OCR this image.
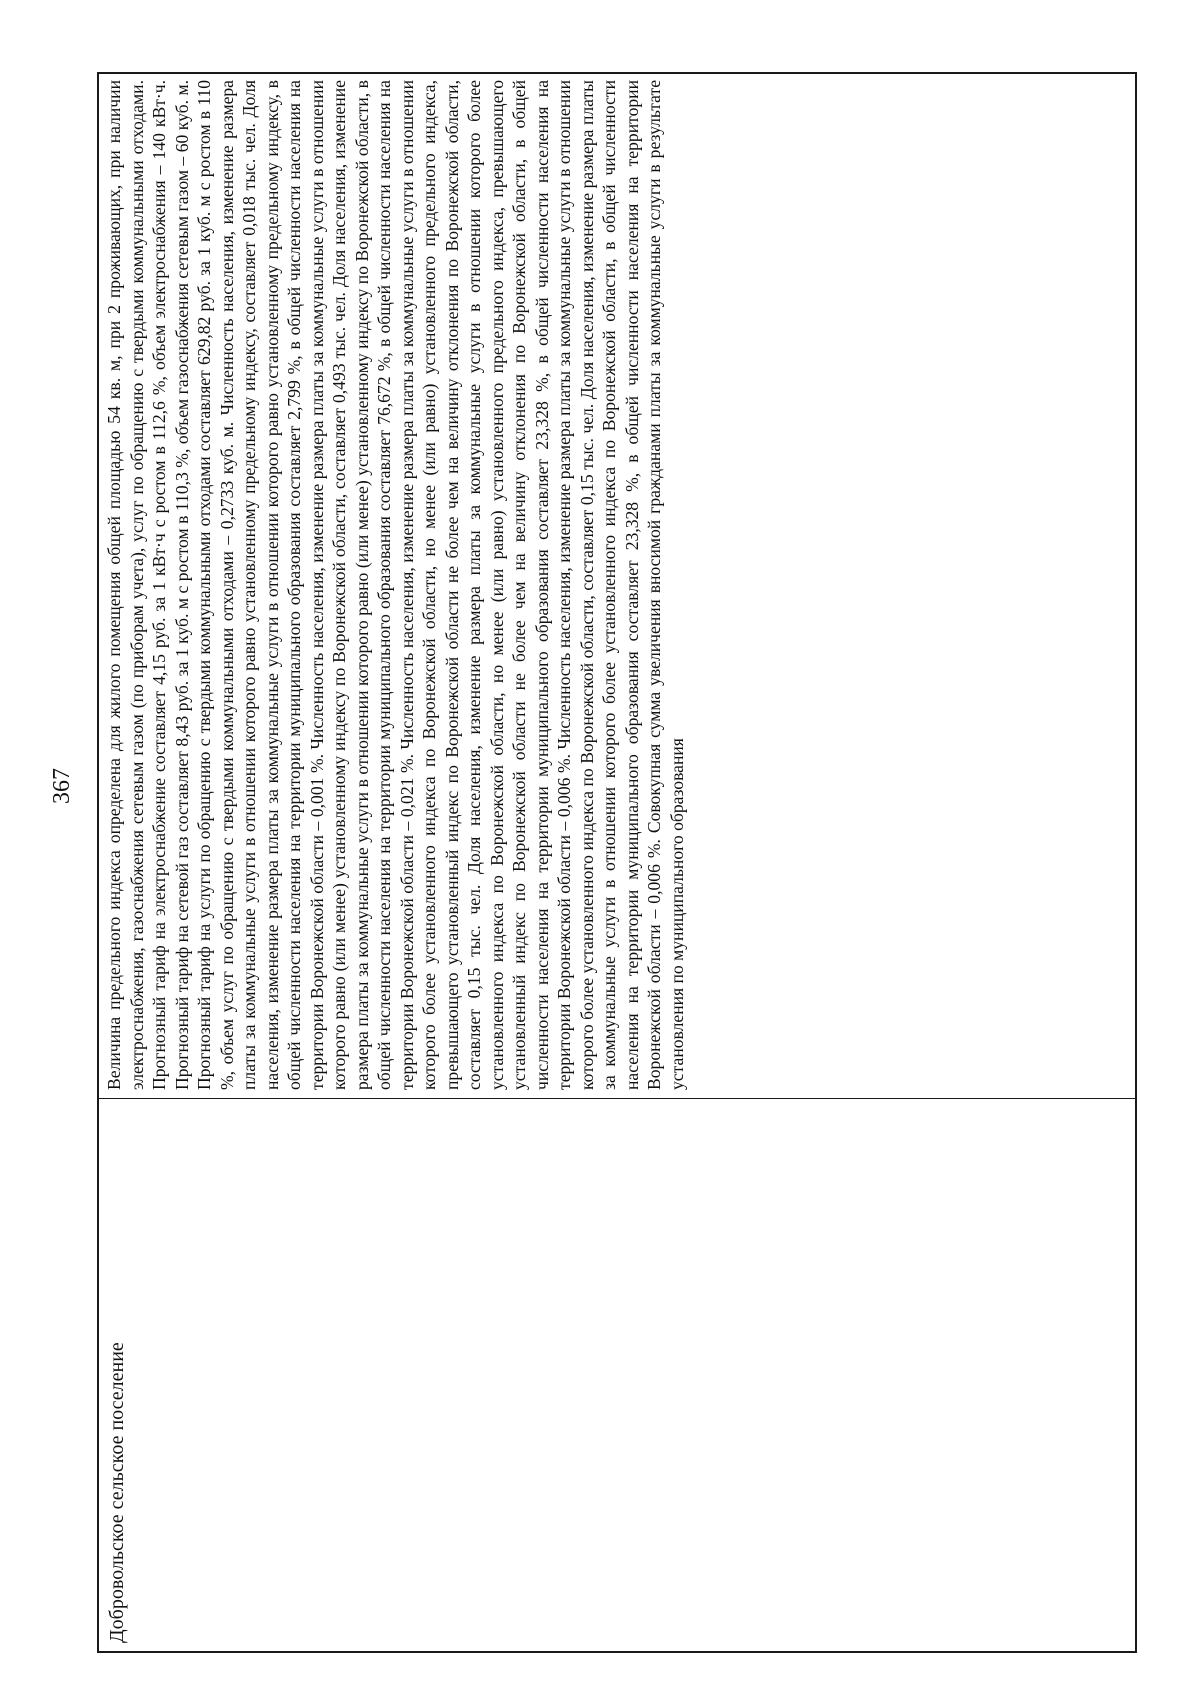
367
Добровольское сельское поселение

Величина предельного индекса определена для жилого помещения общей площадью 54 кв. м, при 2 проживающих, при наличии электроснабжения, газоснабжения сетевым газом (по приборам учета), услуг по обращению с твердыми коммунальными отходами. Прогнозный тариф на электроснабжение составляет 4,15 руб. за 1 кВт·ч с ростом в 112,6 %, объем электроснабжения – 140 кВт·ч. Прогнозный тариф на сетевой газ составляет 8,43 руб. за 1 куб. м с ростом в 110,3 %, объем газоснабжения сетевым газом – 60 куб. м. Прогнозный тариф на услуги по обращению с твердыми коммунальными отходами составляет 629,82 руб. за 1 куб. м с ростом в 110 %, объем услуг по обращению с твердыми коммунальными отходами – 0,2733 куб. м. Численность населения, изменение размера платы за коммунальные услуги в отношении которого равно установленному предельному индексу, составляет 0,018 тыс. чел. Доля населения, изменение размера платы за коммунальные услуги в отношении которого равно установленному предельному индексу, в общей численности населения на территории муниципального образования составляет 2,799 %, в общей численности населения на территории Воронежской области – 0,001 %. Численность населения, изменение размера платы за коммунальные услуги в отношении которого равно (или менее) установленному индексу по Воронежской области, составляет 0,493 тыс. чел. Доля населения, изменение размера платы за коммунальные услуги в отношении которого равно (или менее) установленному индексу по Воронежской области, в общей численности населения на территории муниципального образования составляет 76,672 %, в общей численности населения на территории Воронежской области – 0,021 %. Численность населения, изменение размера платы за коммунальные услуги в отношении которого более установленного индекса по Воронежской области, но менее (или равно) установленного предельного индекса, превышающего установленный индекс по Воронежской области не более чем на величину отклонения по Воронежской области, составляет 0,15 тыс. чел. Доля населения, изменение размера платы за коммунальные услуги в отношении которого более установленного индекса по Воронежской области, но менее (или равно) установленного предельного индекса, превышающего установленный индекс по Воронежской области не более чем на величину отклонения по Воронежской области, в общей численности населения на территории муниципального образования составляет 23,328 %, в общей численности населения на территории Воронежской области – 0,006 %. Численность населения, изменение размера платы за коммунальные услуги в отношении которого более установленного индекса по Воронежской области, составляет 0,15 тыс. чел. Доля населения, изменение размера платы за коммунальные услуги в отношении которого более установленного индекса по Воронежской области, в общей численности населения на территории муниципального образования составляет 23,328 %, в общей численности населения на территории Воронежской области – 0,006 %. Совокупная сумма увеличения вносимой гражданами платы за коммунальные услуги в результате установления по муниципального образования
